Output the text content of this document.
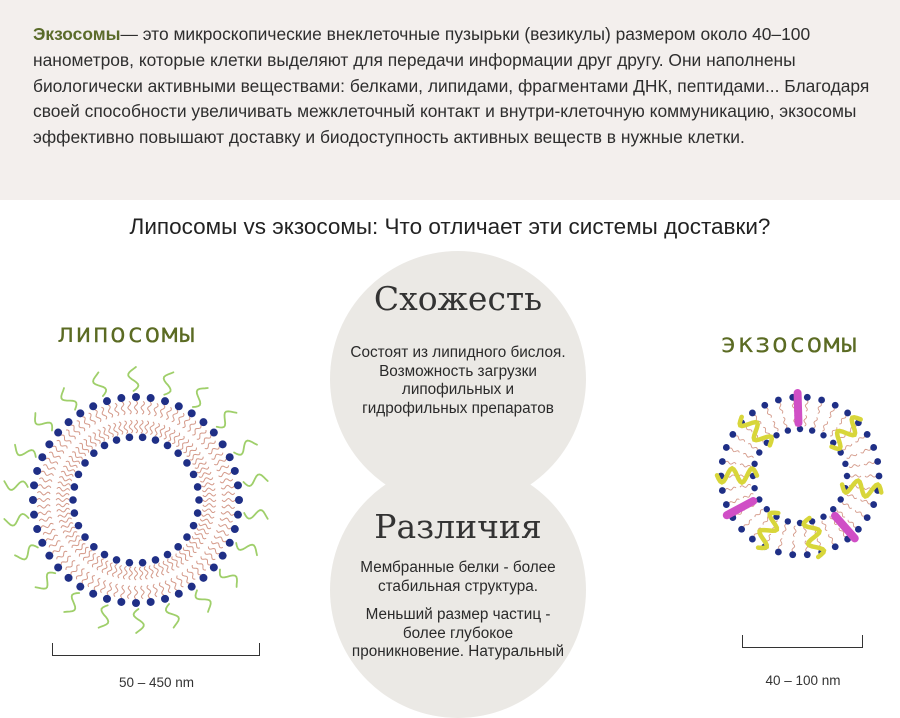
Экзосомы— это микроскопические внеклеточные пузырьки (везикулы) размером около 40–100 нанометров, которые клетки выделяют для передачи информации друг другу. Они наполнены биологически активными веществами: белками, липидами, фрагментами ДНК, пептидами... Благодаря своей способности увеличивать межклеточный контакт и внутри-клеточную коммуникацию, экзосомы эффективно повышают доставку и биодоступность активных веществ в нужные клетки.
Липосомы vs экзосомы: Что отличает эти системы доставки?
липосомы	экзосомы
Схожесть
Состоят из липидного бислоя. Возможность загрузки липофильных и гидрофильных препаратов
Различия

Мембранные белки - более стабильная структура.

Меньший размер частиц - более глубокое проникновение. Натуральный

50 – 450 nm	40 – 100 nm
